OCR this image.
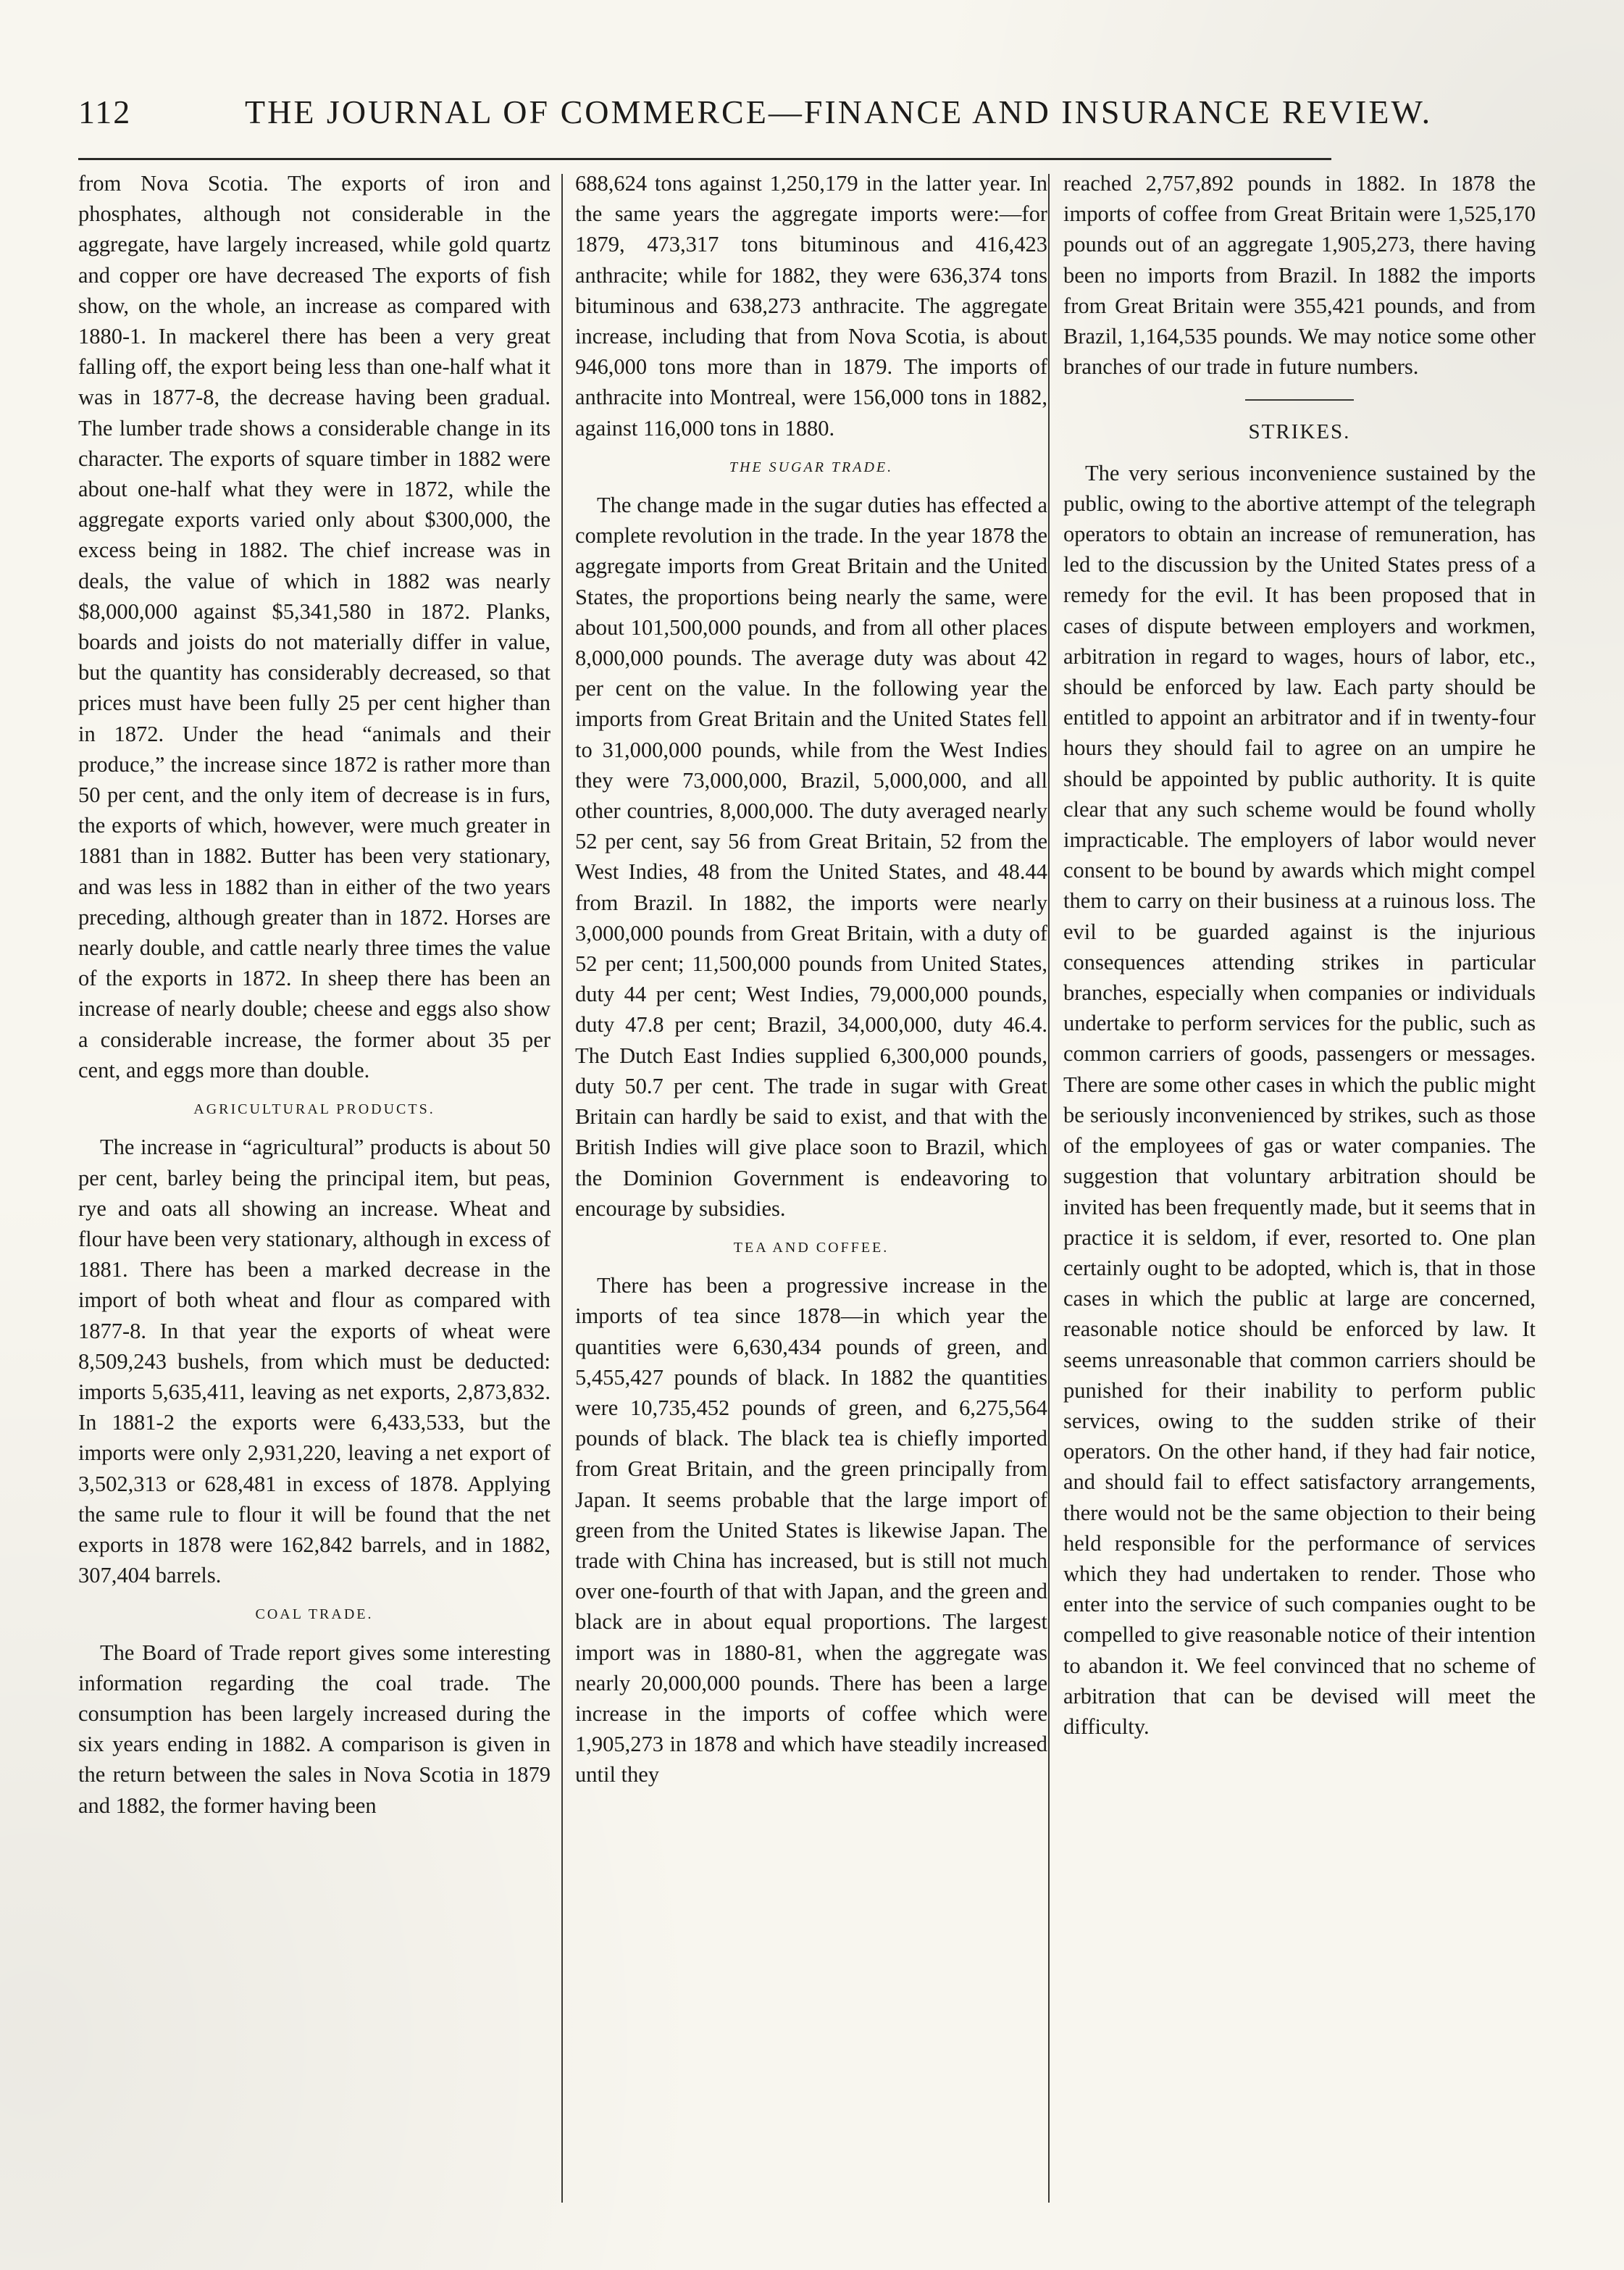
112	THE JOURNAL OF COMMERCE—FINANCE AND INSURANCE REVIEW.

from Nova Scotia. The exports of iron and phosphates, although not considerable in the aggregate, have largely increased, while gold quartz and copper ore have decreased The exports of fish show, on the whole, an increase as compared with 1880-1. In mackerel there has been a very great falling off, the export being less than one-half what it was in 1877-8, the decrease having been gradual. The lumber trade shows a considerable change in its character. The exports of square timber in 1882 were about one-half what they were in 1872, while the aggregate exports varied only about $300,000, the excess being in 1882. The chief increase was in deals, the value of which in 1882 was nearly $8,000,000 against $5,341,580 in 1872. Planks, boards and joists do not materially differ in value, but the quantity has considerably decreased, so that prices must have been fully 25 per cent higher than in 1872. Under the head “animals and their produce,” the increase since 1872 is rather more than 50 per cent, and the only item of decrease is in furs, the exports of which, however, were much greater in 1881 than in 1882. Butter has been very stationary, and was less in 1882 than in either of the two years preceding, although greater than in 1872. Horses are nearly double, and cattle nearly three times the value of the exports in 1872. In sheep there has been an increase of nearly double; cheese and eggs also show a considerable increase, the former about 35 per cent, and eggs more than double.

AGRICULTURAL PRODUCTS.

The increase in “agricultural” products is about 50 per cent, barley being the principal item, but peas, rye and oats all showing an increase. Wheat and flour have been very stationary, although in excess of 1881. There has been a marked decrease in the import of both wheat and flour as compared with 1877-8. In that year the exports of wheat were 8,509,243 bushels, from which must be deducted: imports 5,635,411, leaving as net exports, 2,873,832. In 1881-2 the exports were 6,433,533, but the imports were only 2,931,220, leaving a net export of 3,502,313 or 628,481 in excess of 1878. Applying the same rule to flour it will be found that the net exports in 1878 were 162,842 barrels, and in 1882, 307,404 barrels.

COAL TRADE.

The Board of Trade report gives some interesting information regarding the coal trade. The consumption has been largely increased during the six years ending in 1882. A comparison is given in the return between the sales in Nova Scotia in 1879 and 1882, the former having been

688,624 tons against 1,250,179 in the latter year. In the same years the aggregate imports were:—for 1879, 473,317 tons bituminous and 416,423 anthracite; while for 1882, they were 636,374 tons bituminous and 638,273 anthracite. The aggregate increase, including that from Nova Scotia, is about 946,000 tons more than in 1879. The imports of anthracite into Montreal, were 156,000 tons in 1882, against 116,000 tons in 1880.

THE SUGAR TRADE.

The change made in the sugar duties has effected a complete revolution in the trade. In the year 1878 the aggregate imports from Great Britain and the United States, the proportions being nearly the same, were about 101,500,000 pounds, and from all other places 8,000,000 pounds. The average duty was about 42 per cent on the value. In the following year the imports from Great Britain and the United States fell to 31,000,000 pounds, while from the West Indies they were 73,000,000, Brazil, 5,000,000, and all other countries, 8,000,000. The duty averaged nearly 52 per cent, say 56 from Great Britain, 52 from the West Indies, 48 from the United States, and 48.44 from Brazil. In 1882, the imports were nearly 3,000,000 pounds from Great Britain, with a duty of 52 per cent; 11,500,000 pounds from United States, duty 44 per cent; West Indies, 79,000,000 pounds, duty 47.8 per cent; Brazil, 34,000,000, duty 46.4. The Dutch East Indies supplied 6,300,000 pounds, duty 50.7 per cent. The trade in sugar with Great Britain can hardly be said to exist, and that with the British Indies will give place soon to Brazil, which the Dominion Government is endeavoring to encourage by subsidies.

TEA AND COFFEE.

There has been a progressive increase in the imports of tea since 1878—in which year the quantities were 6,630,434 pounds of green, and 5,455,427 pounds of black. In 1882 the quantities were 10,735,452 pounds of green, and 6,275,564 pounds of black. The black tea is chiefly imported from Great Britain, and the green principally from Japan. It seems probable that the large import of green from the United States is likewise Japan. The trade with China has increased, but is still not much over one-fourth of that with Japan, and the green and black are in about equal proportions. The largest import was in 1880-81, when the aggregate was nearly 20,000,000 pounds. There has been a large increase in the imports of coffee which were 1,905,273 in 1878 and which have steadily increased until they

reached 2,757,892 pounds in 1882. In 1878 the imports of coffee from Great Britain were 1,525,170 pounds out of an aggregate 1,905,273, there having been no imports from Brazil. In 1882 the imports from Great Britain were 355,421 pounds, and from Brazil, 1,164,535 pounds. We may notice some other branches of our trade in future numbers.

STRIKES.

The very serious inconvenience sustained by the public, owing to the abortive attempt of the telegraph operators to obtain an increase of remuneration, has led to the discussion by the United States press of a remedy for the evil. It has been proposed that in cases of dispute between employers and workmen, arbitration in regard to wages, hours of labor, etc., should be enforced by law. Each party should be entitled to appoint an arbitrator and if in twenty-four hours they should fail to agree on an umpire he should be appointed by public authority. It is quite clear that any such scheme would be found wholly impracticable. The employers of labor would never consent to be bound by awards which might compel them to carry on their business at a ruinous loss. The evil to be guarded against is the injurious consequences attending strikes in particular branches, especially when companies or individuals undertake to perform services for the public, such as common carriers of goods, passengers or messages. There are some other cases in which the public might be seriously inconvenienced by strikes, such as those of the employees of gas or water companies. The suggestion that voluntary arbitration should be invited has been frequently made, but it seems that in practice it is seldom, if ever, resorted to. One plan certainly ought to be adopted, which is, that in those cases in which the public at large are concerned, reasonable notice should be enforced by law. It seems unreasonable that common carriers should be punished for their inability to perform public services, owing to the sudden strike of their operators. On the other hand, if they had fair notice, and should fail to effect satisfactory arrangements, there would not be the same objection to their being held responsible for the performance of services which they had undertaken to render. Those who enter into the service of such companies ought to be compelled to give reasonable notice of their intention to abandon it. We feel convinced that no scheme of arbitration that can be devised will meet the difficulty.
